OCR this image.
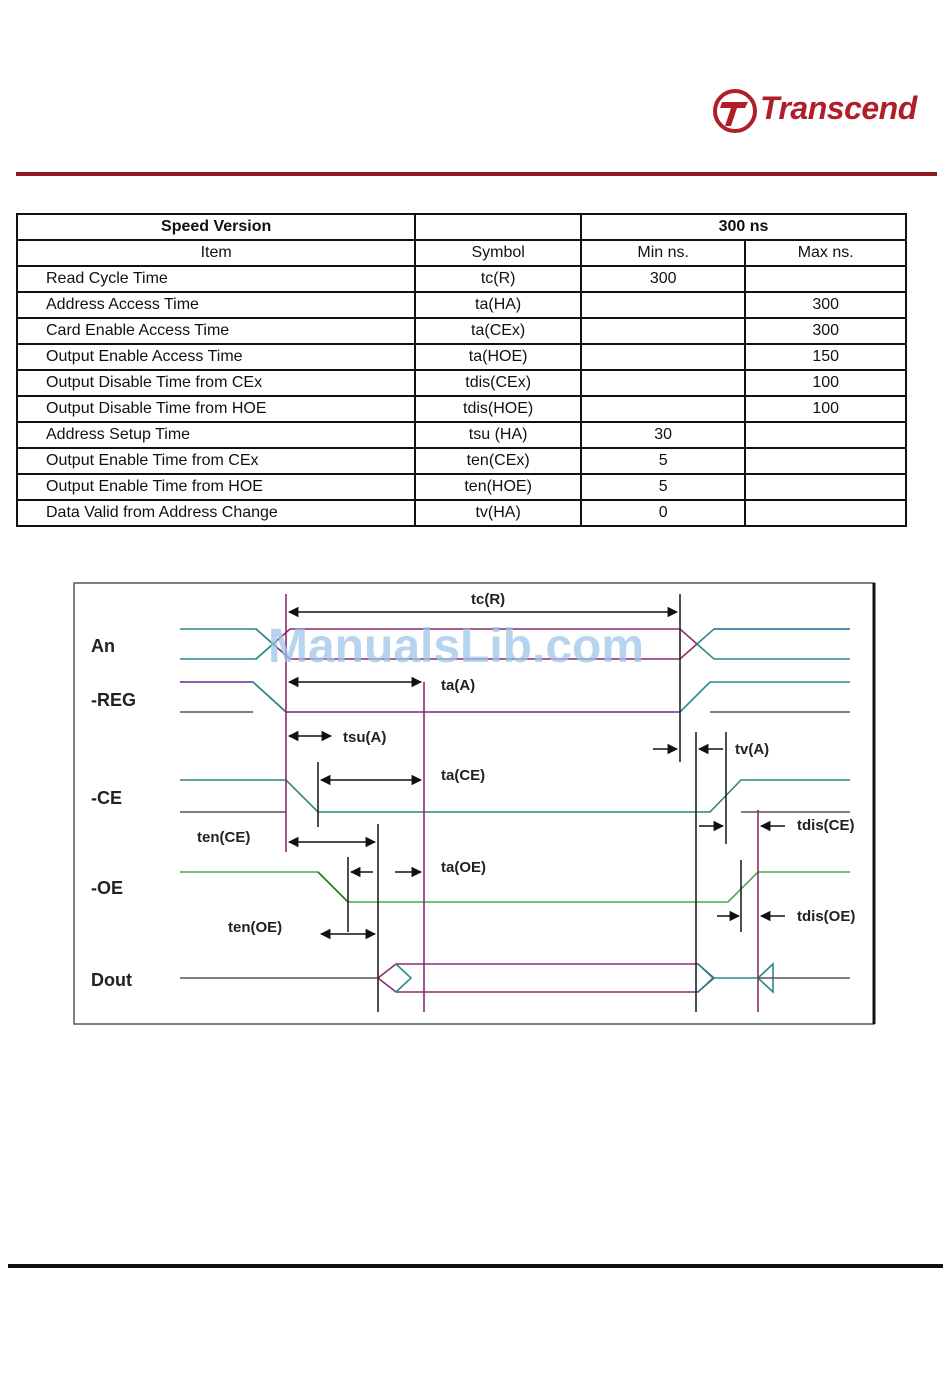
Transcend
Speed Version		300 ns	
Item	Symbol	Min ns.	Max ns.
Read Cycle Time	tc(R)	300	
Address Access Time	ta(HA)		300
Card Enable Access Time	ta(CEx)		300
Output Enable Access Time	ta(HOE)		150
Output Disable Time from CEx	tdis(CEx)		100
Output Disable Time from HOE	tdis(HOE)		100
Address Setup Time	tsu (HA)	30	
Output Enable Time from CEx	ten(CEx)	5	
Output Enable Time from HOE	ten(HOE)	5	
Data Valid from Address Change	tv(HA)	0	
An
-REG
-CE
-OE
Dout
tc(R)
ta(A)
tsu(A)
tv(A)
ta(CE)
ten(CE)
tdis(CE)
ta(OE)
ten(OE)
tdis(OE)
ManualsLib.com
